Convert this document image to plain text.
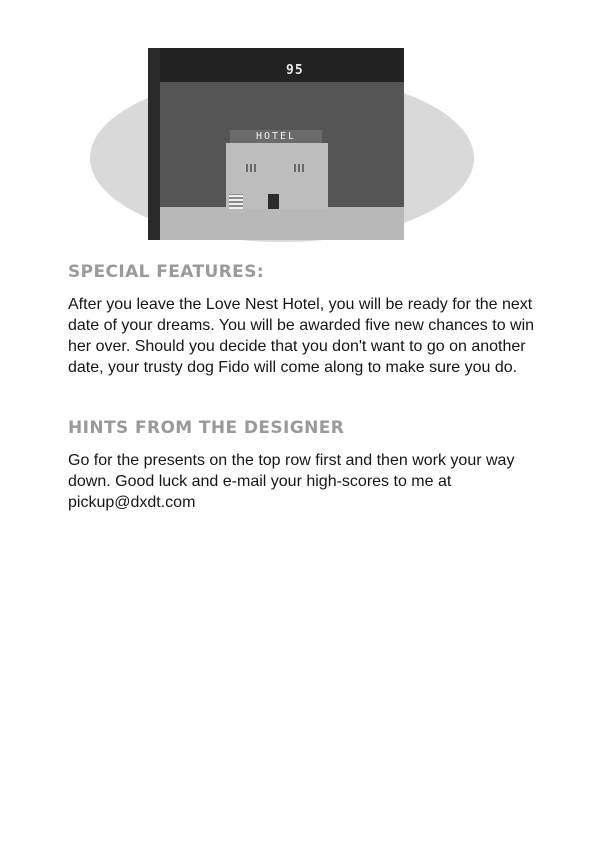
95
HOTEL
SPECIAL FEATURES:

After you leave the Love Nest Hotel, you will be ready for the next date of your dreams. You will be awarded five new chances to win her over. Should you decide that you don't want to go on another date, your trusty dog Fido will come along to make sure you do.

HINTS FROM THE DESIGNER

Go for the presents on the top row first and then work your way down. Good luck and e-mail your high-scores to me at pickup@dxdt.com
